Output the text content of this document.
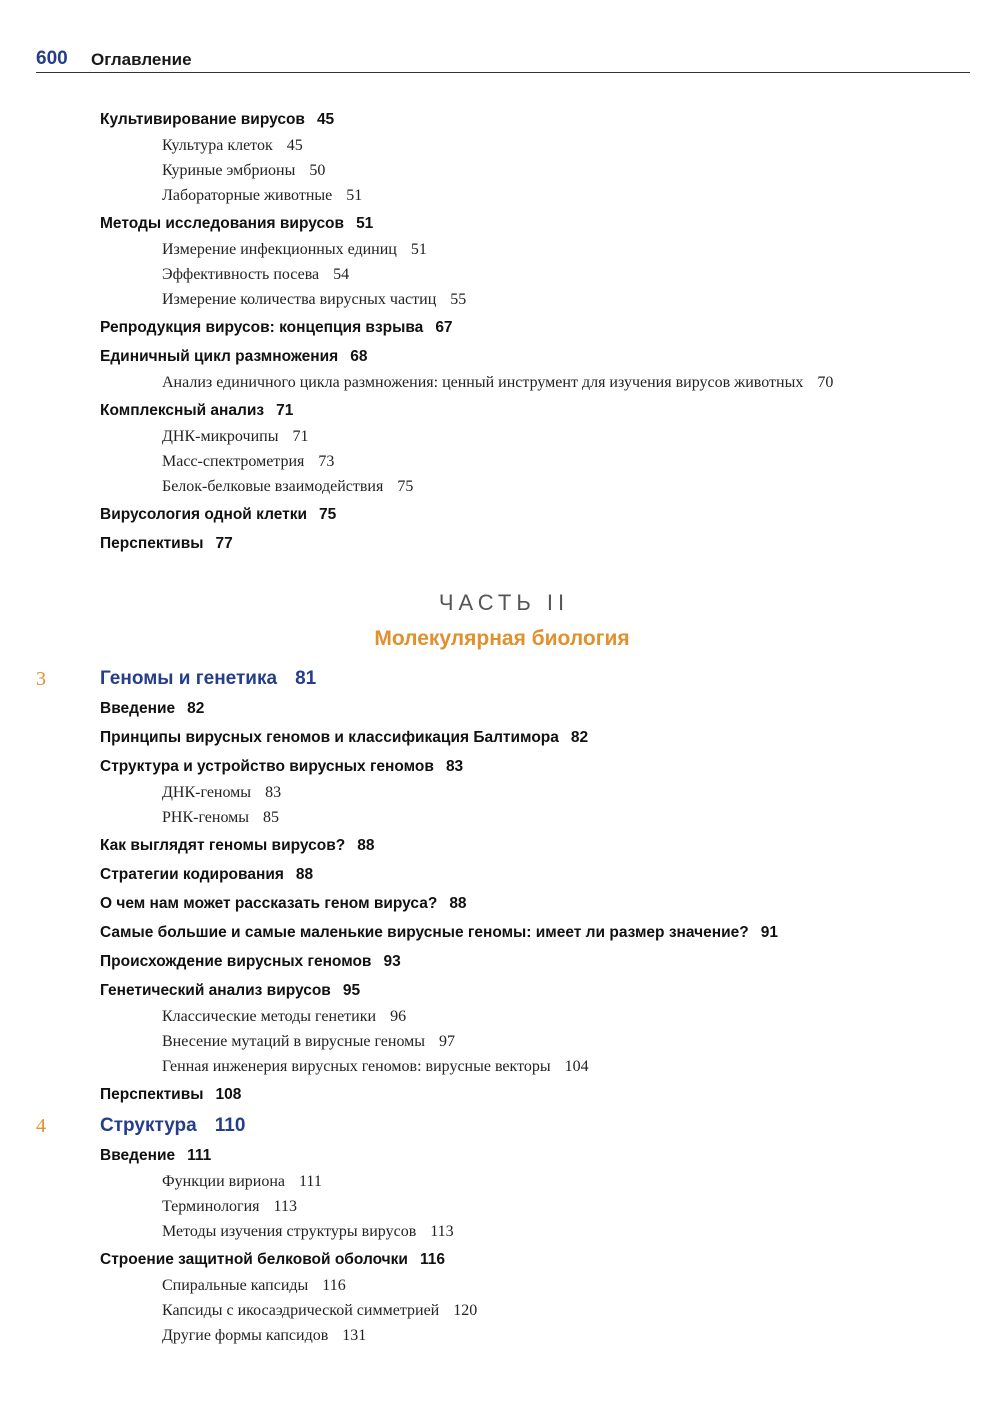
600 Оглавление
Культивирование вирусов 45
Культура клеток 45
Куриные эмбрионы 50
Лабораторные животные 51
Методы исследования вирусов 51
Измерение инфекционных единиц 51
Эффективность посева 54
Измерение количества вирусных частиц 55
Репродукция вирусов: концепция взрыва 67
Единичный цикл размножения 68
Анализ единичного цикла размножения: ценный инструмент для изучения вирусов животных 70
Комплексный анализ 71
ДНК-микрочипы 71
Масс-спектрометрия 73
Белок-белковые взаимодействия 75
Вирусология одной клетки 75
Перспективы 77
ЧАСТЬ II
Молекулярная биология
3	Геномы и генетика 81
Введение 82
Принципы вирусных геномов и классификация Балтимора 82
Структура и устройство вирусных геномов 83
ДНК-геномы 83
РНК-геномы 85
Как выглядят геномы вирусов? 88
Стратегии кодирования 88
О чем нам может рассказать геном вируса? 88
Самые большие и самые маленькие вирусные геномы: имеет ли размер значение? 91
Происхождение вирусных геномов 93
Генетический анализ вирусов 95
Классические методы генетики 96
Внесение мутаций в вирусные геномы 97
Генная инженерия вирусных геномов: вирусные векторы 104
Перспективы 108
4	Структура 110
Введение 111
Функции вириона 111
Терминология 113
Методы изучения структуры вирусов 113
Строение защитной белковой оболочки 116
Спиральные капсиды 116
Капсиды с икосаэдрической симметрией 120
Другие формы капсидов 131
